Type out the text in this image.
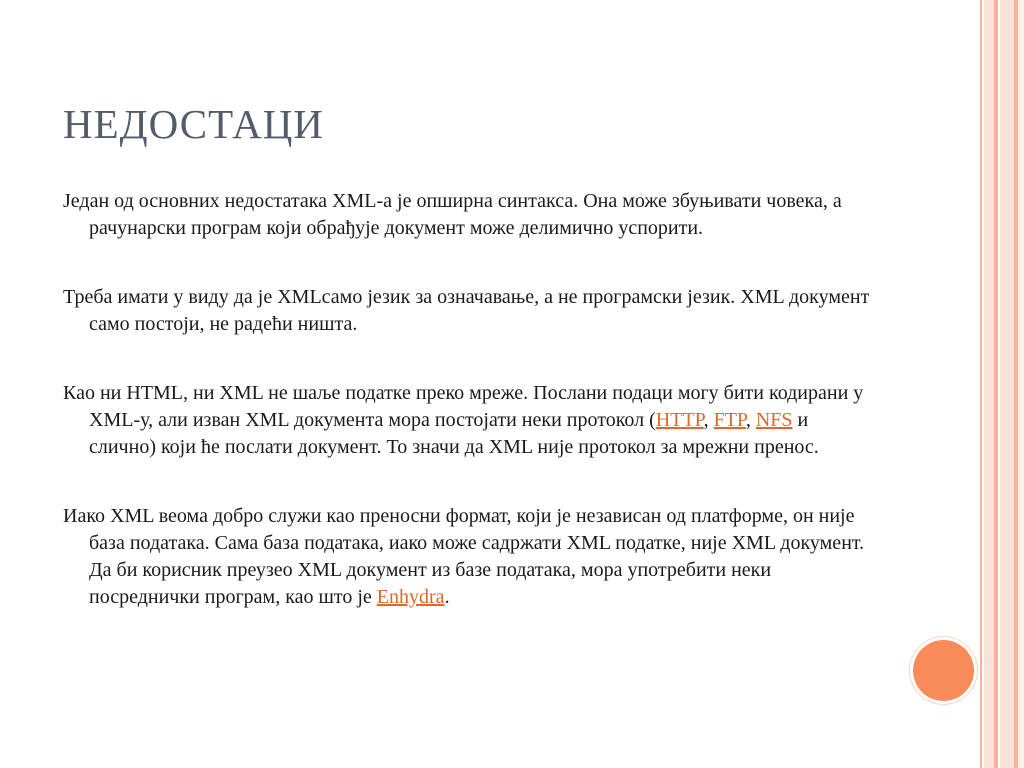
НЕДОСТАЦИ

Један од основних недостатака XML-a је опширна синтакса. Она може збуњивати човека, а рачунарски програм који обрађује документ може делимично успорити.

Треба имати у виду да је XMLсамо језик за означавање, а не програмски језик. XML документ само постоји, не радећи ништа.

Као ни HTML, ни XML не шаље податке преко мреже. Послани подаци могу бити кодирани у XML-у, али изван XML документа мора постојати неки протокол (HTTP, FTP, NFS и слично) који ће послати документ. То значи да XML није протокол за мрежни пренос.

Иако XML веома добро служи као преносни формат, који је независан од платформе, он није база података. Сама база података, иако може садржати XML податке, није XML документ. Да би корисник преузео XML документ из базе података, мора употребити неки посреднички програм, као што је Enhydra.
